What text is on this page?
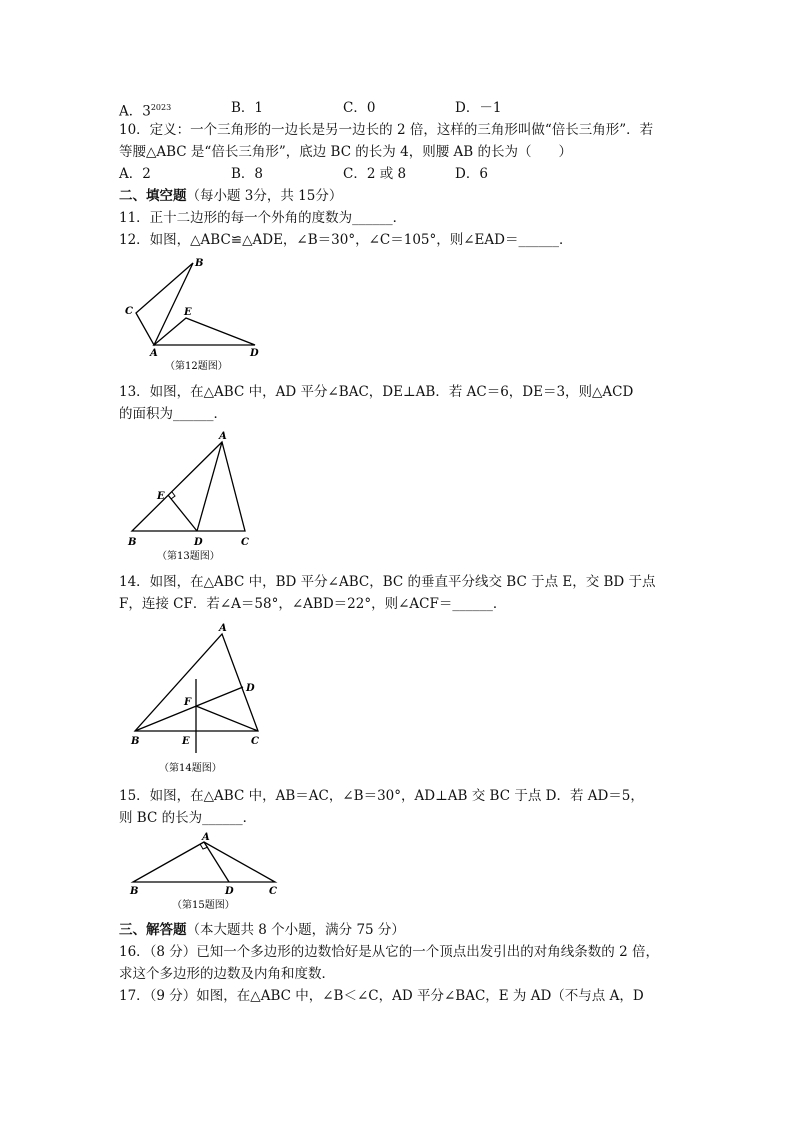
A．$3^{2023}$	B．1	C．0	D．－1
10．定义：一个三角形的一边长是另一边长的 2 倍，这样的三角形叫做“倍长三角形”．若
等腰△ABC 是“倍长三角形”，底边 BC 的长为 4，则腰 AB 的长为（　　）
A．2	B．8	C．2 或 8	D．6
二、填空题（每小题 3分，共 15分）
11．正十二边形的每一个外角的度数为______．
12．如图，△ABC≌△ADE，∠B＝30°，∠C＝105°，则∠EAD＝______．
B
C	E
A	D
（第12题图）
13．如图，在△ABC 中，AD 平分∠BAC，DE⊥AB．若 AC＝6，DE＝3，则△ACD
的面积为______．
A
E
B	D	C
（第13题图）
14．如图，在△ABC 中，BD 平分∠ABC，BC 的垂直平分线交 BC 于点 E，交 BD 于点
F，连接 CF．若∠A＝58°，∠ABD＝22°，则∠ACF＝______．
A
D
F
B	E	C
（第14题图）
15．如图，在△ABC 中，AB＝AC，∠B＝30°，AD⊥AB 交 BC 于点 D．若 AD＝5，
则 BC 的长为______．
A
B	D	C
（第15题图）
三、解答题（本大题共 8 个小题，满分 75 分）
16．（8 分）已知一个多边形的边数恰好是从它的一个顶点出发引出的对角线条数的 2 倍，
求这个多边形的边数及内角和度数．
17．（9 分）如图，在△ABC 中，∠B＜∠C，AD 平分∠BAC，E 为 AD（不与点 A，D
